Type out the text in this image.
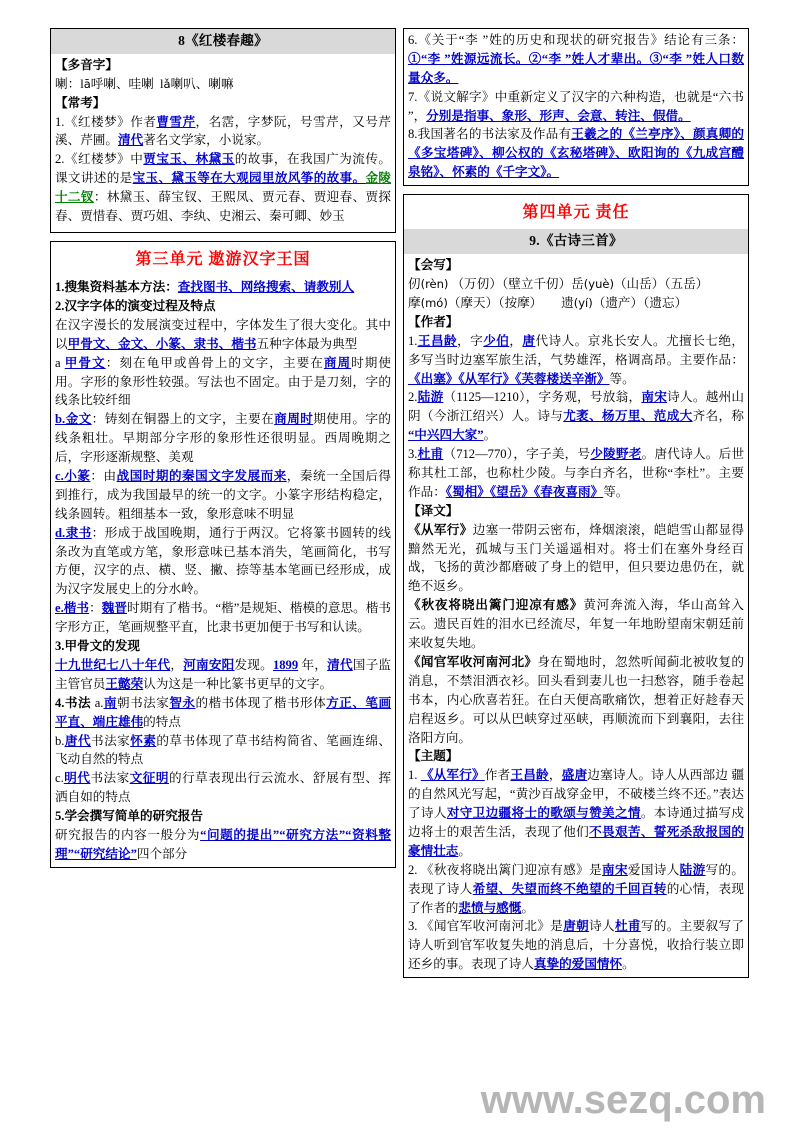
8《红楼春趣》

【多音字】

喇：lā呼喇、哇喇  lǎ喇叭、喇嘛

【常考】

1.《红楼梦》作者曹雪芹，名霑，字梦阮，号雪芹，又号芹溪、芹圃。清代著名文学家，小说家。

2.《红楼梦》中贾宝玉、林黛玉的故事，在我国广为流传。课文讲述的是宝玉、黛玉等在大观园里放风筝的故事。金陵十二钗：林黛玉、薛宝钗、王熙凤、贾元春、贾迎春、贾探春、贾惜春、贾巧姐、李纨、史湘云、秦可卿、妙玉

第三单元 遨游汉字王国

1.搜集资料基本方法：查找图书、网络搜索、请教别人

2.汉字字体的演变过程及特点

在汉字漫长的发展演变过程中，字体发生了很大变化。其中以甲骨文、金文、小篆、隶书、楷书五种字体最为典型

a 甲骨文：刻在龟甲或兽骨上的文字，主要在商周时期使用。字形的象形性较强。写法也不固定。由于是刀刻，字的线条比较纤细

b.金文：铸刻在铜器上的文字，主要在商周时期使用。字的线条粗壮。早期部分字形的象形性还很明显。西周晚期之后，字形逐渐规整、美观

c.小篆：由战国时期的秦国文字发展而来，秦统一全国后得到推行，成为我国最早的统一的文字。小篆字形结构稳定，线条圆转。粗细基本一致，象形意味不明显

d.隶书：形成于战国晚期，通行于两汉。它将篆书圆转的线条改为直笔或方笔，象形意味已基本消失，笔画简化，书写方便，汉字的点、横、竖、撇、捺等基本笔画已经形成，成为汉字发展史上的分水岭。

e.楷书：魏晋时期有了楷书。“楷”是规矩、楷模的意思。楷书字形方正，笔画规整平直，比隶书更加便于书写和认读。

3.甲骨文的发现

十九世纪七八十年代，河南安阳发现。1899 年，清代国子监主管官员王懿荣认为这是一种比篆书更早的文字。

4.书法 a.南朝书法家智永的楷书体现了楷书形体方正、笔画平直、端庄雄伟的特点

b.唐代书法家怀素的草书体现了草书结构简省、笔画连绵、飞动自然的特点

c.明代书法家文征明的行草表现出行云流水、舒展有型、挥洒自如的特点

5.学会撰写简单的研究报告

研究报告的内容一般分为“问题的提出”“研究方法”“资料整理”“研究结论”四个部分

6.《关于“李 ”姓的历史和现状的研究报告》结论有三条：①“李 ”姓源远流长。②“李 ”姓人才辈出。③“李 ”姓人口数量众多。

7.《说文解字》中重新定义了汉字的六种构造，也就是“六书 ”，分别是指事、象形、形声、会意、转注、假借。

8.我国著名的书法家及作品有王羲之的《兰亭序》、颜真卿的《多宝塔碑》、柳公权的《玄秘塔碑》、欧阳询的《九成宫醴泉铭》、怀素的《千字文》。

第四单元 责任
9.《古诗三首》

【会写】

仞(rèn) （万仞）（壁立千仞）岳(yuè)（山岳）（五岳）

摩(mó)（摩天）（按摩）      遗(yí)（遗产）（遗忘）

【作者】

1.王昌龄，字少伯，唐代诗人。京兆长安人。尤擅长七绝，多写当时边塞军旅生活，气势雄浑，格调高昂。主要作品：《出塞》《从军行》《芙蓉楼送辛渐》等。

2.陆游（1125—1210），字务观，号放翁，南宋诗人。越州山阴（今浙江绍兴）人。诗与尤袤、杨万里、范成大齐名，称“中兴四大家”。

3.杜甫（712—770），字子美，号少陵野老。唐代诗人。后世称其杜工部，也称杜少陵。与李白齐名，世称“李杜”。主要作品：《蜀相》《望岳》《春夜喜雨》等。

【译文】

《从军行》边塞一带阴云密布，烽烟滚滚，皑皑雪山都显得黯然无光，孤城与玉门关遥遥相对。将士们在塞外身经百战，飞扬的黄沙都磨破了身上的铠甲，但只要边患仍在，就绝不返乡。

《秋夜将晓出篱门迎凉有感》黄河奔流入海，华山高耸入云。遗民百姓的泪水已经流尽，年复一年地盼望南宋朝廷前来收复失地。

《闻官军收河南河北》身在蜀地时，忽然听闻蓟北被收复的消息，不禁泪洒衣衫。回头看到妻儿也一扫愁容，随手卷起书本，内心欣喜若狂。在白天便高歌痛饮，想着正好趁春天启程返乡。可以从巴峡穿过巫峡，再顺流而下到襄阳，去往洛阳方向。

【主题】

1. 《从军行》作者王昌龄，盛唐边塞诗人。诗人从西部边 疆的自然风光写起，“黄沙百战穿金甲，不破楼兰终不还。”表达了诗人对守卫边疆将士的歌颂与赞美之情。本诗通过描写戍边将士的艰苦生活，表现了他们不畏艰苦、誓死杀敌报国的豪情壮志。

2. 《秋夜将晓出篱门迎凉有感》是南宋爱国诗人陆游写的。表现了诗人希望、失望而终不绝望的千回百转的心情，表现了作者的悲愤与感慨。

3. 《闻官军收河南河北》是唐朝诗人杜甫写的。主要叙写了诗人听到官军收复失地的消息后，十分喜悦，收拾行装立即还乡的事。表现了诗人真挚的爱国情怀。

www.sezq.com
